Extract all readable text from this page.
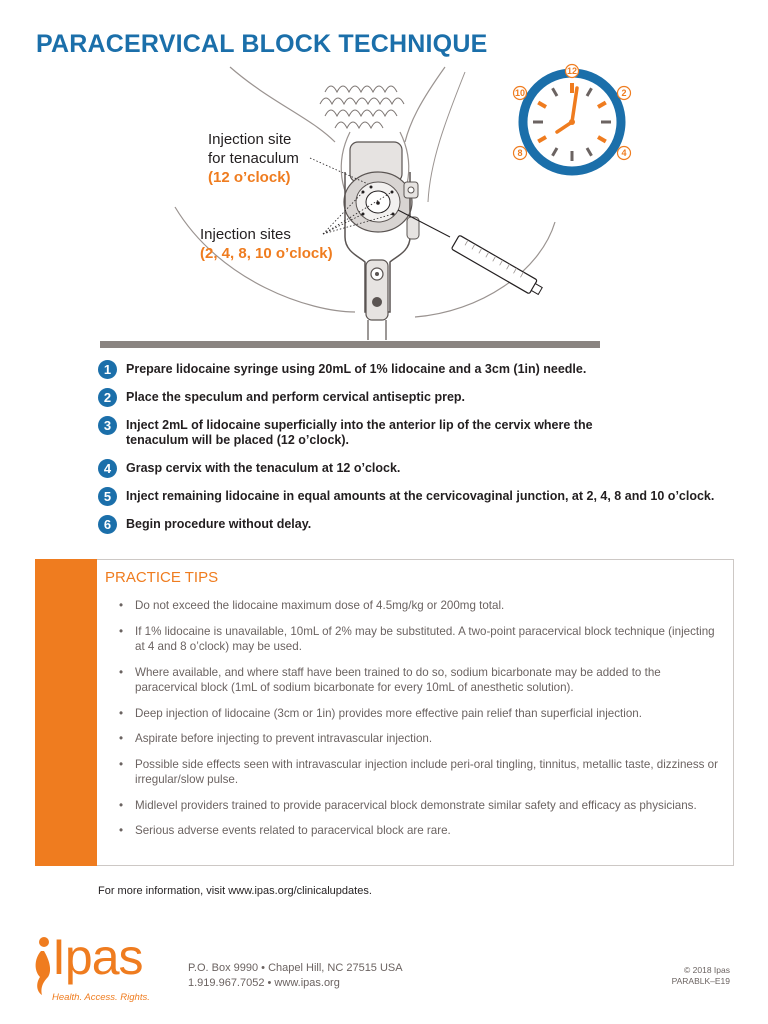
PARACERVICAL BLOCK TECHNIQUE
Injection site
for tenaculum
(12 o’clock)
Injection sites
(2, 4, 8, 10 o’clock)
12
2
4
8
10
1	Prepare lidocaine syringe using 20mL of 1% lidocaine and a 3cm (1in) needle.
2	Place the speculum and perform cervical antiseptic prep.
3	Inject 2mL of lidocaine superficially into the anterior lip of the cervix where the tenaculum will be placed (12 o’clock).
4	Grasp cervix with the tenaculum at 12 o’clock.
5	Inject remaining lidocaine in equal amounts at the cervicovaginal junction, at 2, 4, 8 and 10 o’clock.
6	Begin procedure without delay.
PRACTICE TIPS
• Do not exceed the lidocaine maximum dose of 4.5mg/kg or 200mg total.
• If 1% lidocaine is unavailable, 10mL of 2% may be substituted. A two-point paracervical block technique (injecting at 4 and 8 o’clock) may be used.
• Where available, and where staff have been trained to do so, sodium bicarbonate may be added to the paracervical block (1mL of sodium bicarbonate for every 10mL of anesthetic solution).
• Deep injection of lidocaine (3cm or 1in) provides more effective pain relief than superficial injection.
• Aspirate before injecting to prevent intravascular injection.
• Possible side effects seen with intravascular injection include peri-oral tingling, tinnitus, metallic taste, dizziness or irregular/slow pulse.
• Midlevel providers trained to provide paracervical block demonstrate similar safety and efficacy as physicians.
• Serious adverse events related to paracervical block are rare.
For more information, visit www.ipas.org/clinicalupdates.
Ipas
Health. Access. Rights.
P.O. Box 9990 • Chapel Hill, NC 27515 USA
1.919.967.7052 • www.ipas.org
© 2018 Ipas
PARABLK–E19
